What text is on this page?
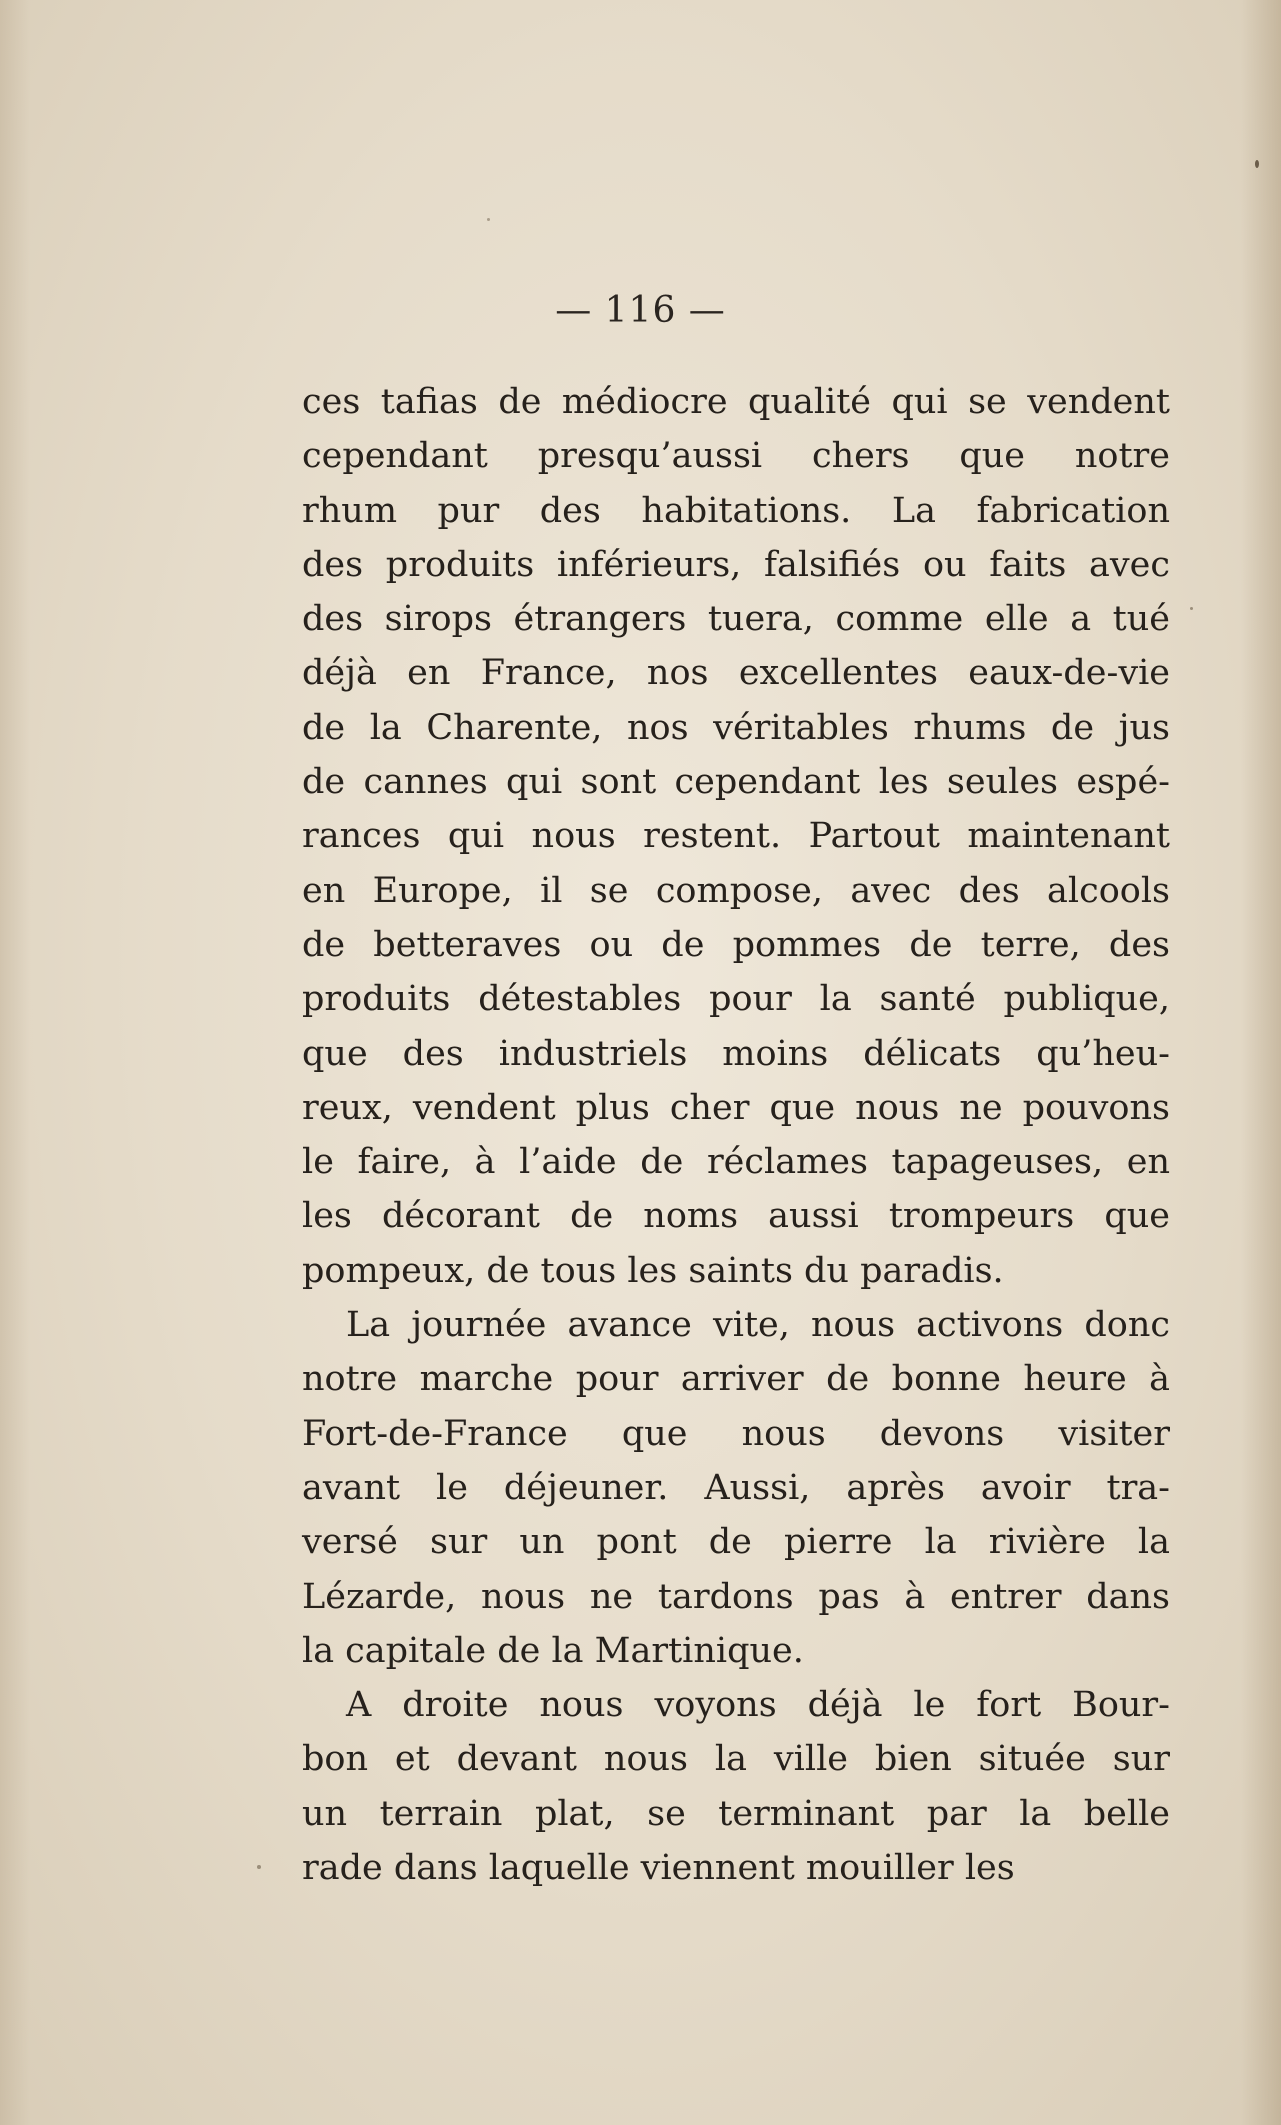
— 116 —
ces tafias de médiocre qualité qui se vendent
cependant presqu’aussi chers que notre
rhum pur des habitations. La fabrication
des produits inférieurs, falsifiés ou faits avec
des sirops étrangers tuera, comme elle a tué
déjà en France, nos excellentes eaux-de-vie
de la Charente, nos véritables rhums de jus
de cannes qui sont cependant les seules espé-
rances qui nous restent. Partout maintenant
en Europe, il se compose, avec des alcools
de betteraves ou de pommes de terre, des
produits détestables pour la santé publique,
que des industriels moins délicats qu’heu-
reux, vendent plus cher que nous ne pouvons
le faire, à l’aide de réclames tapageuses, en
les décorant de noms aussi trompeurs que
pompeux, de tous les saints du paradis.
La journée avance vite, nous activons donc
notre marche pour arriver de bonne heure à
Fort-de-France que nous devons visiter
avant le déjeuner. Aussi, après avoir tra-
versé sur un pont de pierre la rivière la
Lézarde, nous ne tardons pas à entrer dans
la capitale de la Martinique.
A droite nous voyons déjà le fort Bour-
bon et devant nous la ville bien située sur
un terrain plat, se terminant par la belle
rade dans laquelle viennent mouiller les
